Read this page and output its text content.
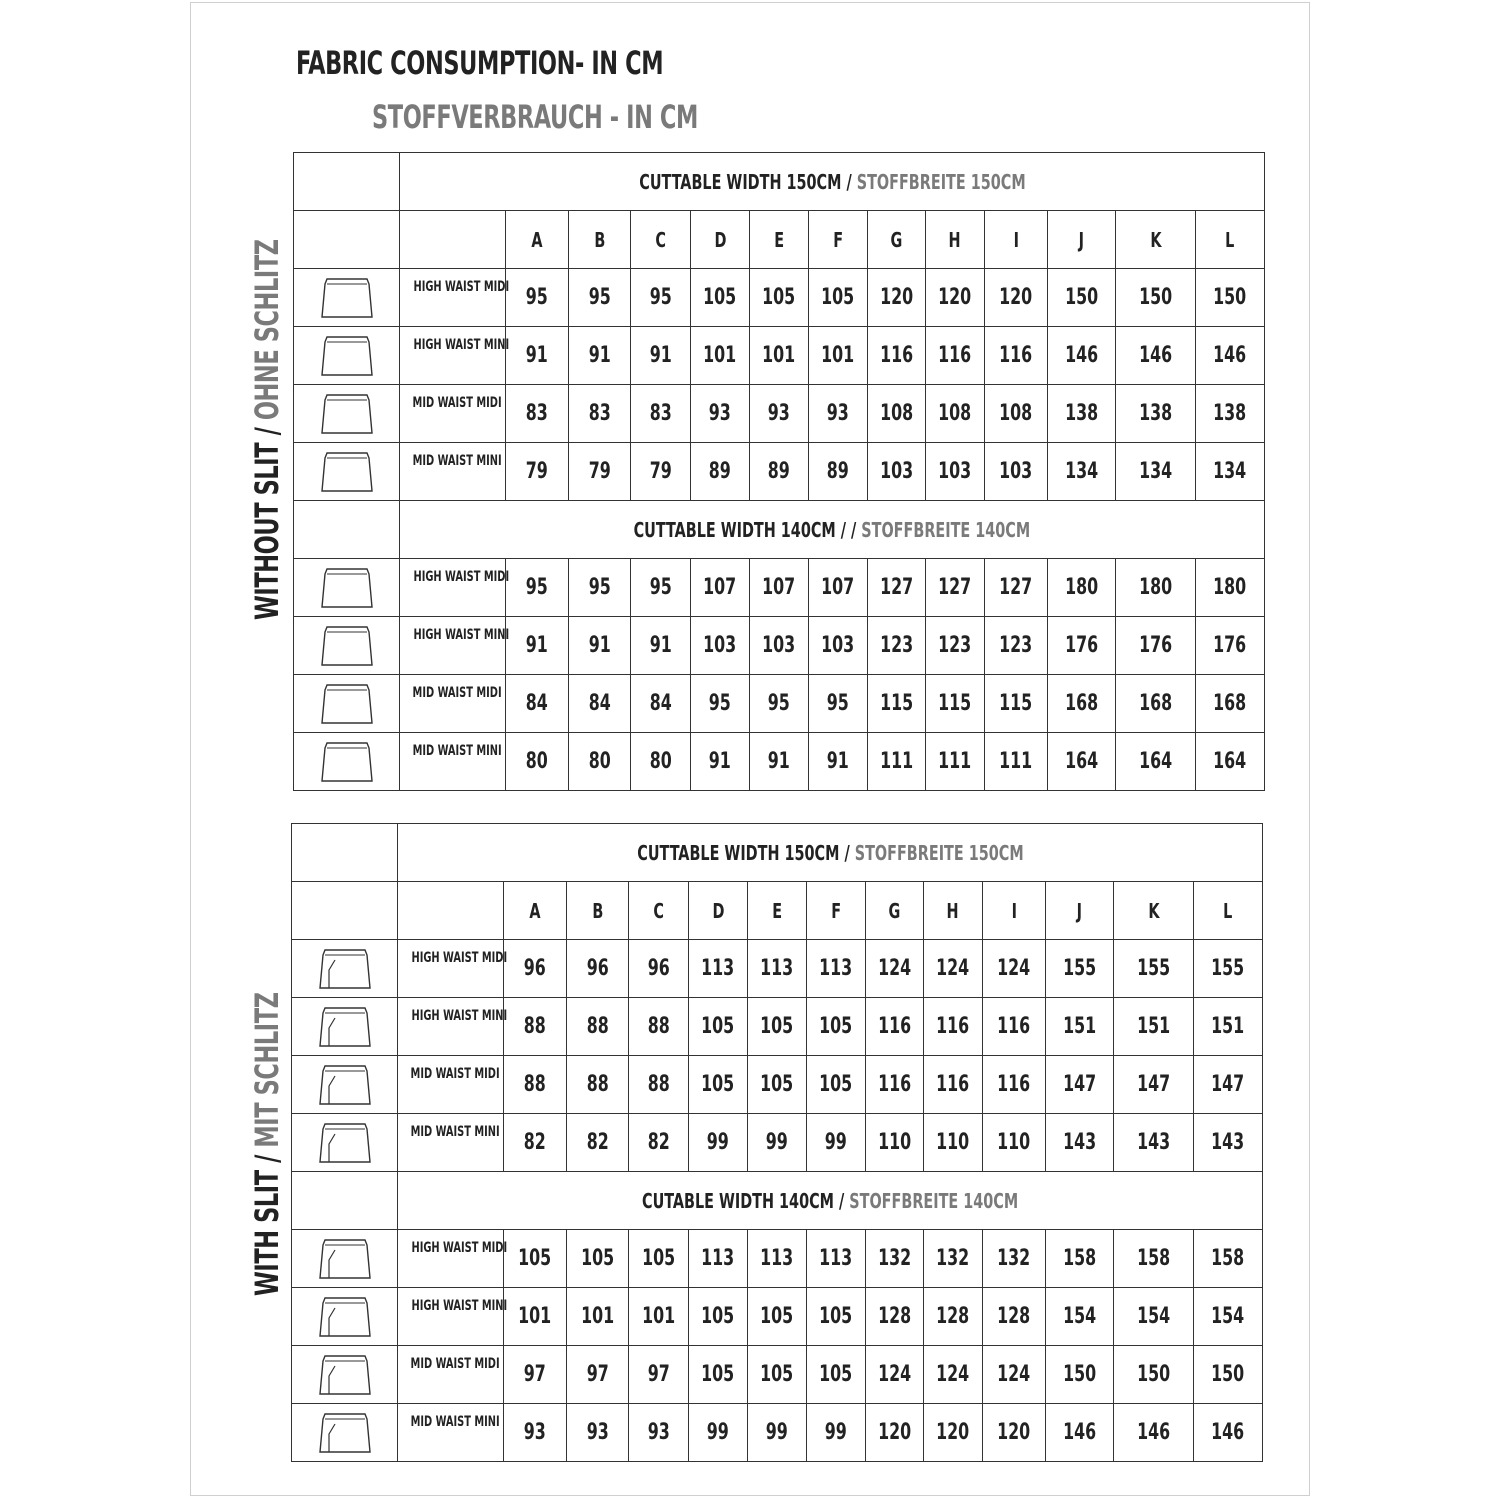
FABRIC CONSUMPTION- IN CM
STOFFVERBRAUCH - IN CM
WITHOUT SLIT / OHNE SCHLITZ
WITH SLIT / MIT SCHLITZ
	CUTTABLE WIDTH 150CM / STOFFBREITE 150CM												
		A	B	C	D	E	F	G	H	I	J	K	L

	HIGH WAIST MIDI	95	95	95	105	105	105	120	120	120	150	150	150

	HIGH WAIST MINI	91	91	91	101	101	101	116	116	116	146	146	146

	MID WAIST MIDI	83	83	83	93	93	93	108	108	108	138	138	138

	MID WAIST MINI	79	79	79	89	89	89	103	103	103	134	134	134
	CUTTABLE WIDTH 140CM / / STOFFBREITE 140CM												

	HIGH WAIST MIDI	95	95	95	107	107	107	127	127	127	180	180	180

	HIGH WAIST MINI	91	91	91	103	103	103	123	123	123	176	176	176

	MID WAIST MIDI	84	84	84	95	95	95	115	115	115	168	168	168

	MID WAIST MINI	80	80	80	91	91	91	111	111	111	164	164	164
	CUTTABLE WIDTH 150CM / STOFFBREITE 150CM												
		A	B	C	D	E	F	G	H	I	J	K	L

	HIGH WAIST MIDI	96	96	96	113	113	113	124	124	124	155	155	155

	HIGH WAIST MINI	88	88	88	105	105	105	116	116	116	151	151	151

	MID WAIST MIDI	88	88	88	105	105	105	116	116	116	147	147	147

	MID WAIST MINI	82	82	82	99	99	99	110	110	110	143	143	143
	CUTABLE WIDTH 140CM / STOFFBREITE 140CM												

	HIGH WAIST MIDI	105	105	105	113	113	113	132	132	132	158	158	158

	HIGH WAIST MINI	101	101	101	105	105	105	128	128	128	154	154	154

	MID WAIST MIDI	97	97	97	105	105	105	124	124	124	150	150	150

	MID WAIST MINI	93	93	93	99	99	99	120	120	120	146	146	146
